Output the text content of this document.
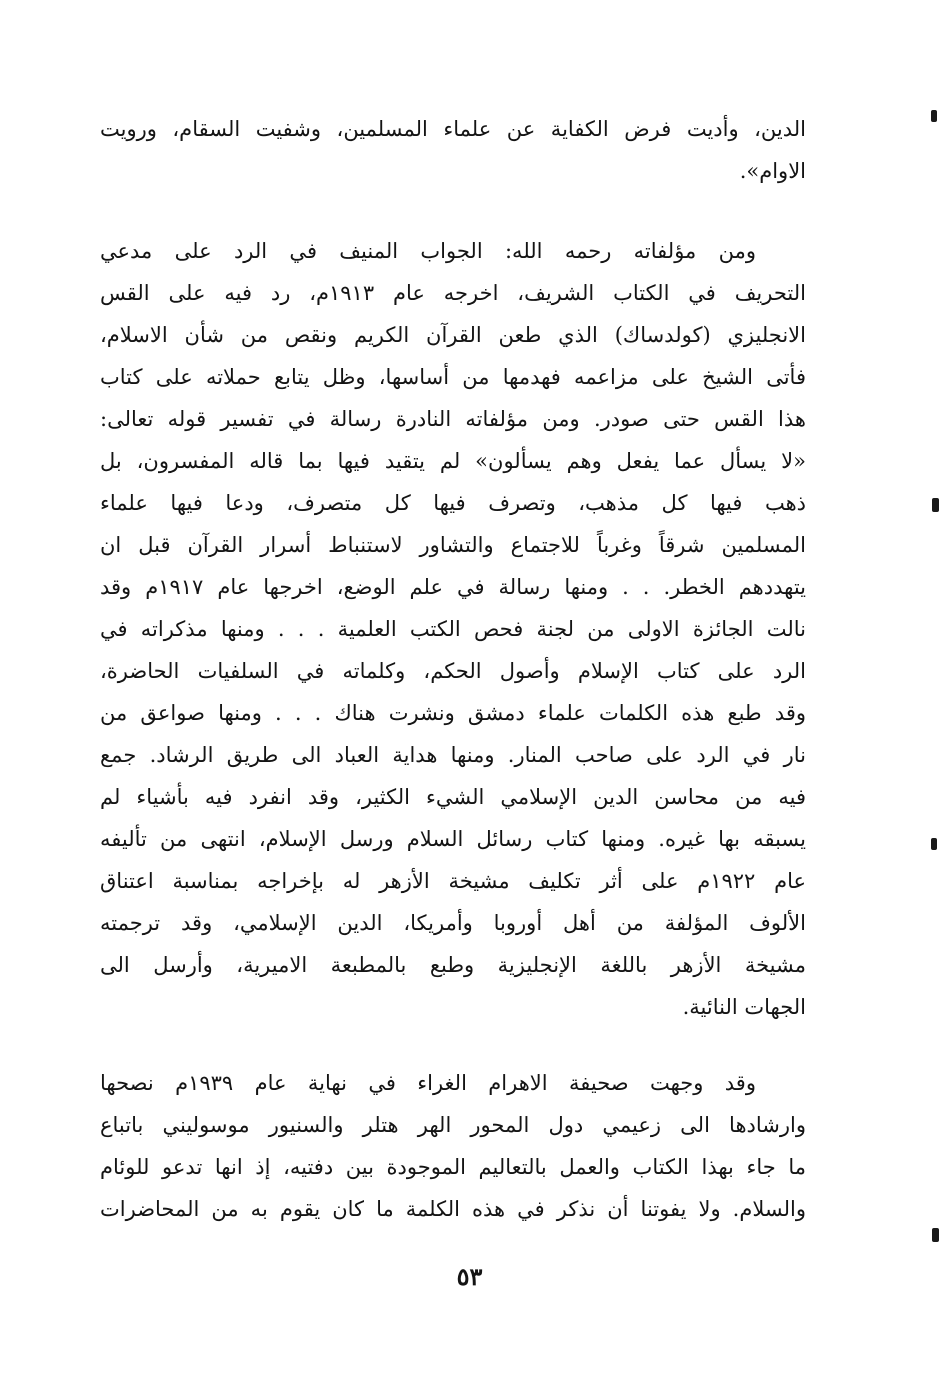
الدين، وأديت فرض الكفاية عن علماء المسلمين، وشفيت السقام، ورويت
الاوام».
ومن مؤلفاته رحمه الله: الجواب المنيف في الرد على مدعي
التحريف في الكتاب الشريف، اخرجه عام ١٩١٣م، رد فيه على القس
الانجليزي (كولدساك) الذي طعن القرآن الكريم ونقص من شأن الاسلام،
فأتى الشيخ على مزاعمه فهدمها من أساسها، وظل يتابع حملاته على كتاب
هذا القس حتى صودر. ومن مؤلفاته النادرة رسالة في تفسير قوله تعالى:
«لا يسأل عما يفعل وهم يسألون» لم يتقيد فيها بما قاله المفسرون، بل
ذهب فيها كل مذهب، وتصرف فيها كل متصرف، ودعا فيها علماء
المسلمين شرقاً وغرباً للاجتماع والتشاور لاستنباط أسرار القرآن قبل ان
يتهددهم الخطر. . . ومنها رسالة في علم الوضع، اخرجها عام ١٩١٧م وقد
نالت الجائزة الاولى من لجنة فحص الكتب العلمية . . . ومنها مذكراته في
الرد على كتاب الإسلام وأصول الحكم، وكلماته في السلفيات الحاضرة،
وقد طبع هذه الكلمات علماء دمشق ونشرت هناك . . . ومنها صواعق من
نار في الرد على صاحب المنار. ومنها هداية العباد الى طريق الرشاد. جمع
فيه من محاسن الدين الإسلامي الشيء الكثير، وقد انفرد فيه بأشياء لم
يسبقه بها غيره. ومنها كتاب رسائل السلام ورسل الإسلام، انتهى من تأليفه
عام ١٩٢٢م على أثر تكليف مشيخة الأزهر له بإخراجه بمناسبة اعتناق
الألوف المؤلفة من أهل أوروبا وأمريكا، الدين الإسلامي، وقد ترجمته
مشيخة الأزهر باللغة الإنجليزية وطبع بالمطبعة الاميرية، وأرسل الى
الجهات النائية.
وقد وجهت صحيفة الاهرام الغراء في نهاية عام ١٩٣٩م نصحها
وارشادها الى زعيمي دول المحور الهر هتلر والسنيور موسوليني باتباع
ما جاء بهذا الكتاب والعمل بالتعاليم الموجودة بين دفتيه، إذ انها تدعو للوئام
والسلام. ولا يفوتنا أن نذكر في هذه الكلمة ما كان يقوم به من المحاضرات
٥٣
